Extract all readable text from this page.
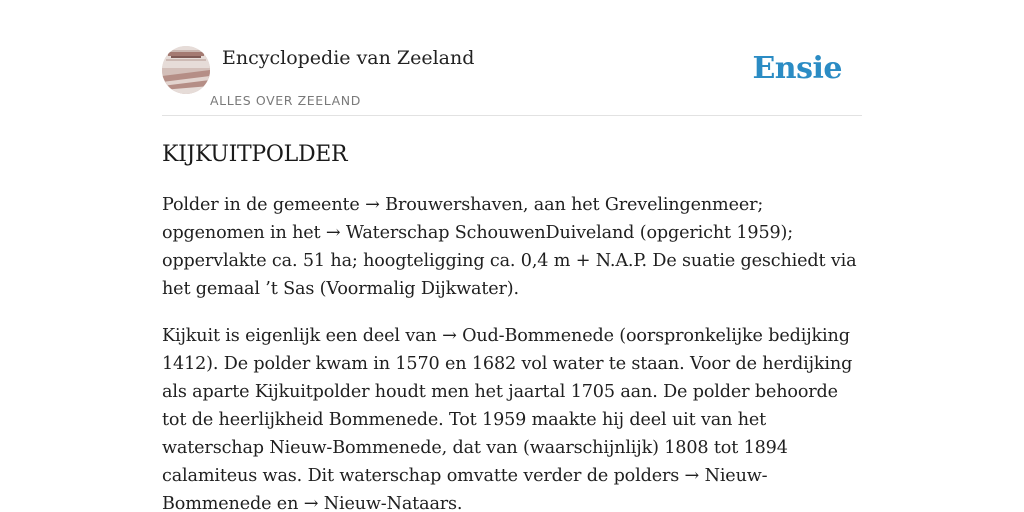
Encyclopedie van Zeeland
ALLES OVER ZEELAND
Ensie
KIJKUITPOLDER

Polder in de gemeente → Brouwershaven, aan het Grevelingenmeer; opgenomen in het → Waterschap SchouwenDuiveland (opgericht 1959); oppervlakte ca. 51 ha; hoogteligging ca. 0,4 m + N.A.P. De suatie geschiedt via het gemaal ’t Sas (Voormalig Dijkwater).

Kijkuit is eigenlijk een deel van → Oud-Bommenede (oorspronkelijke bedijking 1412). De polder kwam in 1570 en 1682 vol water te staan. Voor de herdijking als aparte Kijkuitpolder houdt men het jaartal 1705 aan. De polder behoorde tot de heerlijkheid Bommenede. Tot 1959 maakte hij deel uit van het waterschap Nieuw-Bommenede, dat van (waarschijnlijk) 1808 tot 1894 calamiteus was. Dit waterschap omvatte verder de polders → Nieuw-Bommenede en → Nieuw-Nataars.
